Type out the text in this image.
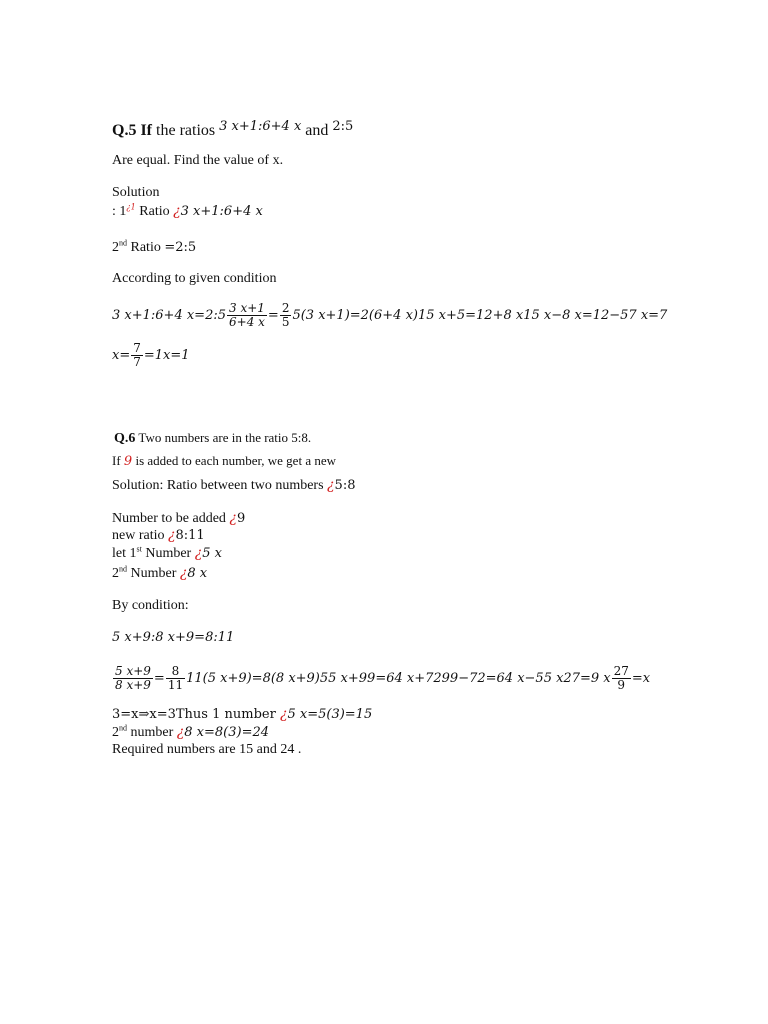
Q.5 If the ratios $^{3 x+1:6+4 x}$ and $^{2:5}$
Are equal. Find the value of x.
Solution
: $1^{¿1}$ Ratio ¿3 x+1:6+4 x
2nd Ratio =2:5
According to given condition
3 x+1:6+4 x=2:5 $\frac{3 x+1}{6+4 x} = \frac{2}{5} 5(3$ x+1)=2(6+4 x)15 x+5=12+8 x15 x−8 x=12−57 x=7
$x= \frac{7}{7} =1x=1$
Q.6 Two numbers are in the ratio 5:8.
If 9 is added to each number, we get a new
Solution: Ratio between two numbers ¿5:8
Number to be added ¿9
new ratio ¿8:11
let 1st Number ¿5 x
2nd Number ¿8 x
By condition:
5 x+9:8 x+9=8:11
$\frac{5 x+9}{8 x+9} = \frac{8}{11} 11(5$ x+9)=8(8 x+9)55 x+99=64 x+7299−72=64 x−55 x27=9 x $\frac{27}{9} =x$
3=x⇒x=3Thus 1 number ¿5 x=5(3)=15
2nd number ¿8 x=8(3)=24
Required numbers are 15 and 24 .
